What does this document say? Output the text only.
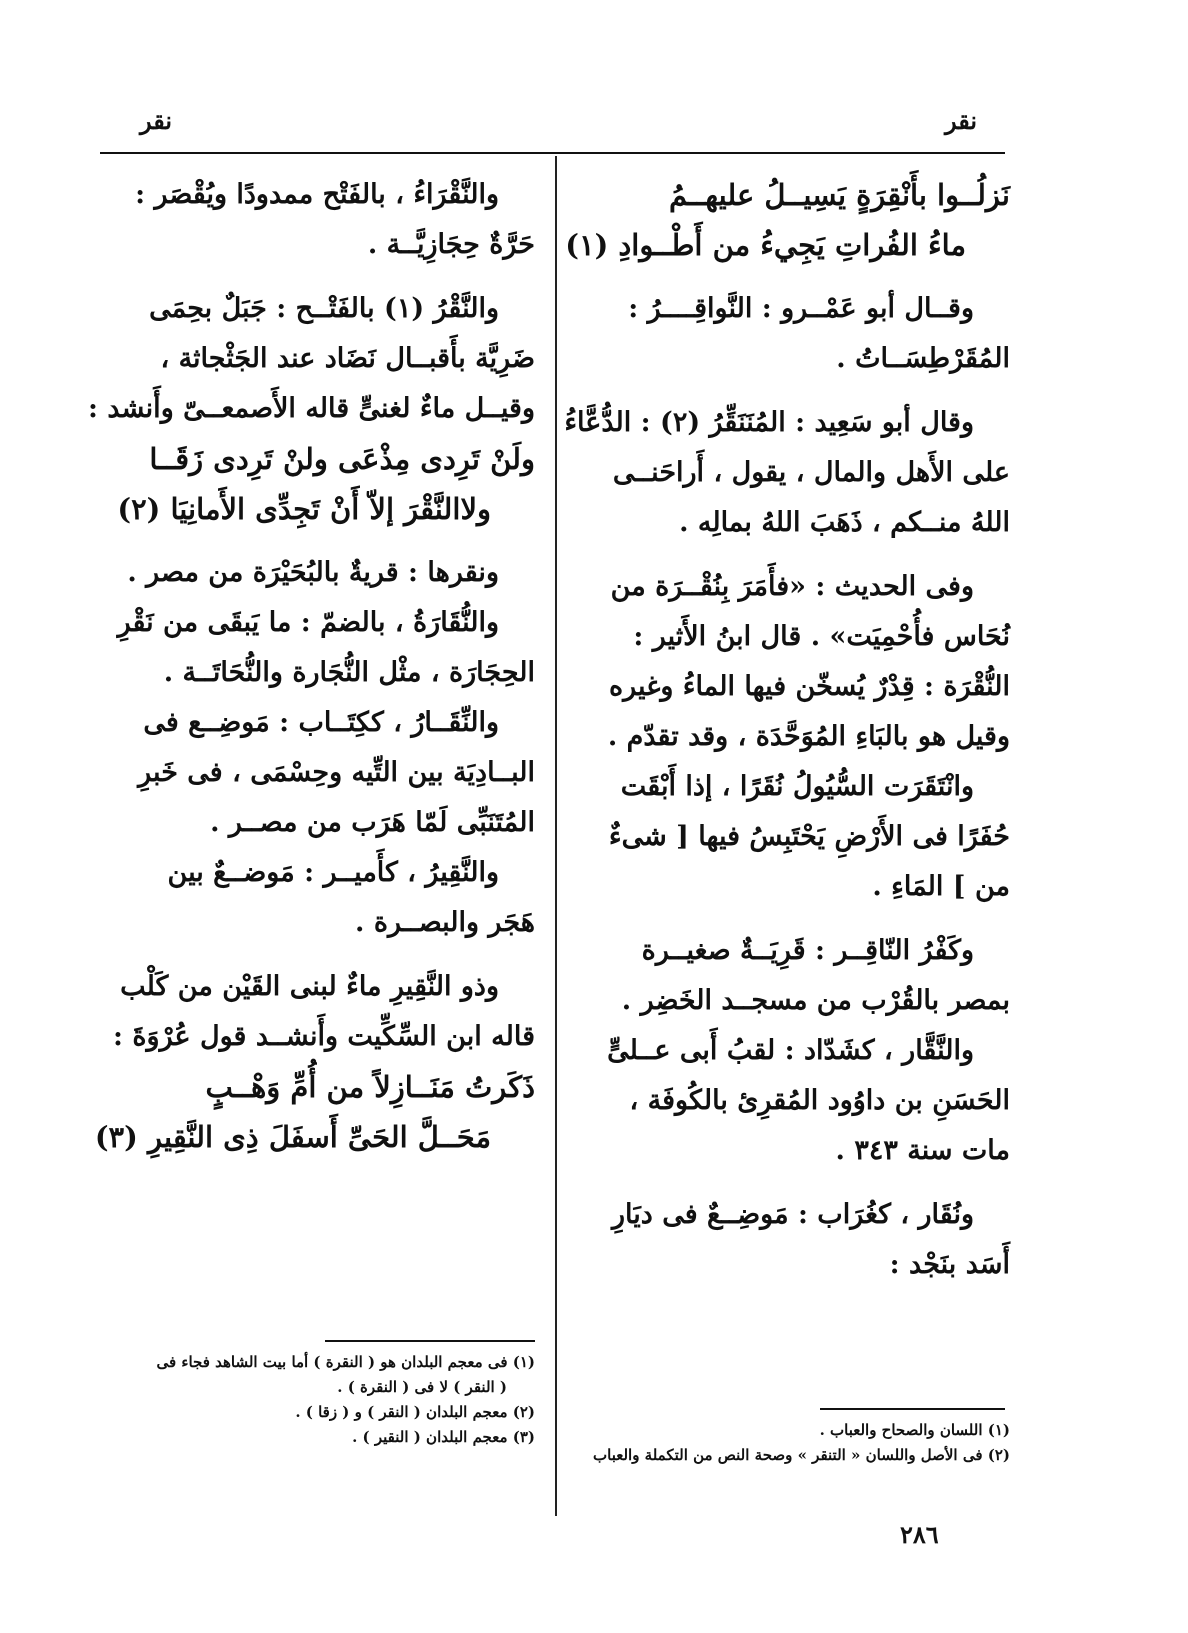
نقر
نقر
نَزلُــوا بأَنْقِرَةٍ يَسِيــلُ عليهــمُ
ماءُ الفُراتِ يَجِيءُ من أَطْــوادِ (١)
وقــال أبو عَمْــرو : النَّواقِــــرُ :
المُقَرْطِسَــاتُ .
وقال أبو سَعِيد : المُنَنَقِّرُ (٢) : الدُّعَّاءُ
على الأَهل والمال ، يقول ، أَراحَنــى
اللهُ منــكم ، ذَهَبَ اللهُ بمالِه .
وفى الحديث : «فأَمَرَ بِنُقْــرَة من
نُحَاس فأُحْمِيَت» . قال ابنُ الأَثير :
النُّقْرَة : قِدْرٌ يُسخّن فيها الماءُ وغيره
وقيل هو بالبَاءِ المُوَحَّدَة ، وقد تقدّم .
وانْتَقَرَت السُّيُولُ نُقَرًا ، إذا أَبْقَت
حُفَرًا فى الأَرْضِ يَحْتَبِسُ فيها [ شىءٌ
من ] المَاءِ .
وكَفْرُ النّاقِــر : قَرِيَــةٌ صغيــرة
بمصر بالقُرْب من مسجــد الخَضِر .
والنَّقَّار ، كشَدّاد : لقبُ أَبى عــلىٍّ
الحَسَنِ بن داوُود المُقرِئ بالكُوفَة ،
مات سنة ٣٤٣ .
ونُقَار ، كغُرَاب : مَوضِــعٌ فى ديَارِ
أَسَد بنَجْد :
والنَّقْرَاءُ ، بالفَتْح ممدودًا ويُقْصَر :
حَرَّةٌ حِجَازِيَّــة .
والنَّقْرُ (١) بالفَتْــح : جَبَلٌ بحِمَى
ضَرِيَّة بأَقبــال نَضَاد عند الجَثْجاثة ،
وقيــل ماءٌ لغنىٍّ قاله الأَصمعــىّ وأَنشد :
ولَنْ تَرِدى مِذْعَى ولنْ تَرِدى زَقَــا
ولاالنَّقْرَ إلاّ أَنْ تَجِدِّى الأَمانِيَا (٢)
ونقرها : قريةٌ بالبُحَيْرَة من مصر .
والنُّقَارَةُ ، بالضمّ : ما يَبقَى من نَقْرِ
الحِجَارَة ، مثْل النُّجَارة والنُّحَاتَــة .
والنِّقَــارُ ، ككِتَــاب : مَوضِــع فى
البــادِيَة بين التِّيه وحِسْمَى ، فى خَبرِ
المُتَنَبِّى لَمّا هَرَب من مصــر .
والنَّقِيرُ ، كأَميــر : مَوضــعٌ بين
هَجَر والبصــرة .
وذو النَّقِيرِ ماءٌ لبنى القَيْن من كَلْب
قاله ابن السِّكِّيت وأَنشــد قول عُرْوَةَ :
ذَكَرتُ مَنَــازِلاً من أُمِّ وَهْــبٍ
مَحَــلَّ الحَىِّ أَسفَلَ ذِى النَّقِيرِ (٣)
(١) اللسان والصحاح والعباب .
(٢) فى الأصل واللسان « التنقر » وصحة النص من التكملة والعباب
(١) فى معجم البلدان هو ( النقرة ) أما بيت الشاهد فجاء فى
( النقر ) لا فى ( النقرة ) .
(٢) معجم البلدان ( النقر ) و ( زقا ) .
(٣) معجم البلدان ( النقير ) .
٢٨٦
